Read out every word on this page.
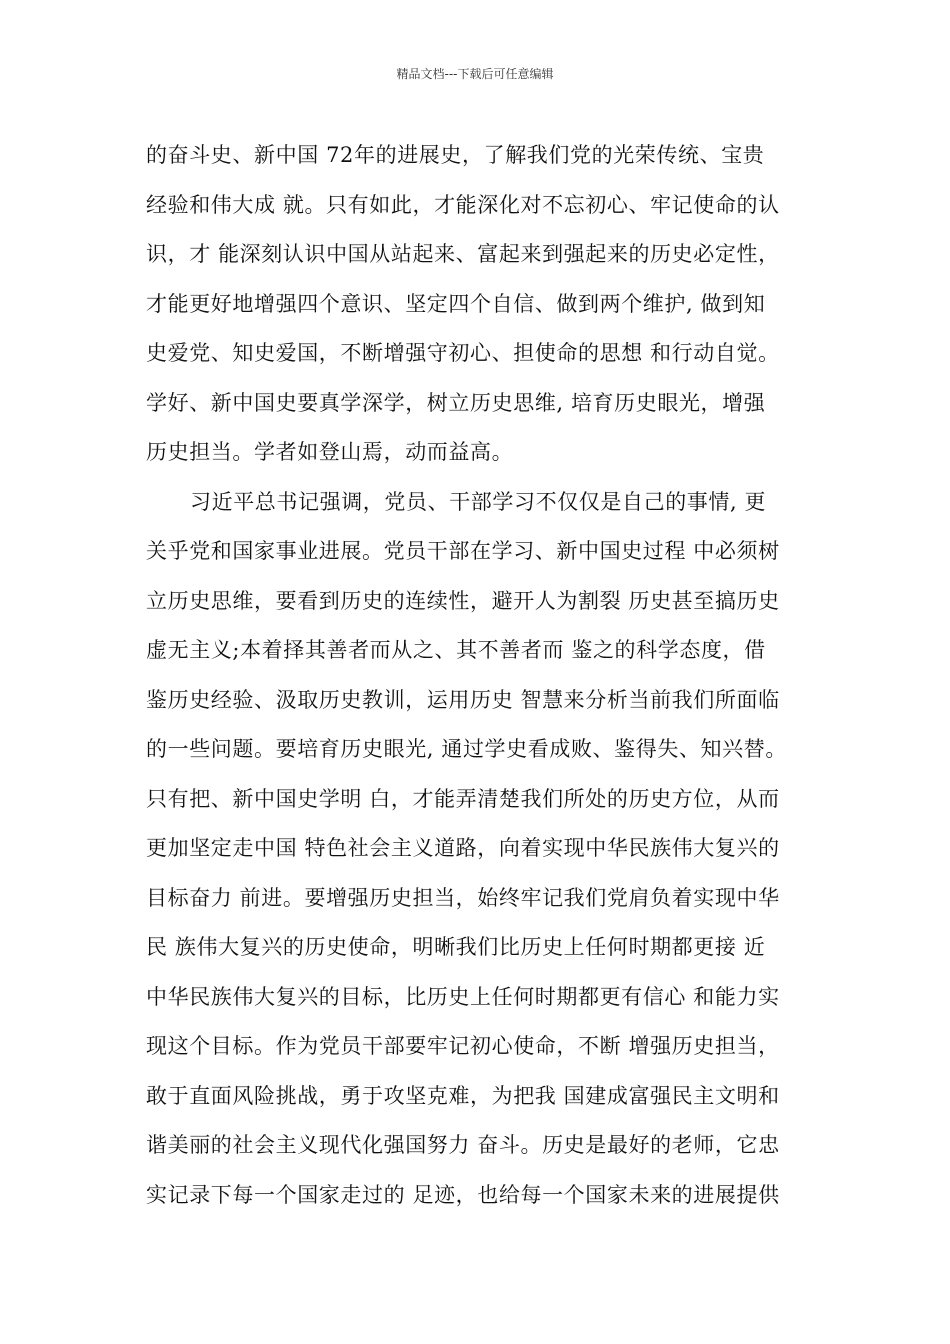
精品文档---下载后可任意编辑
的奋斗史、新中国 72年的进展史，了解我们党的光荣传统、宝贵
经验和伟大成 就。只有如此，才能深化对不忘初心、牢记使命的认
识，才 能深刻认识中国从站起来、富起来到强起来的历史必定性，
才能更好地增强四个意识、坚定四个自信、做到两个维护, 做到知
史爱党、知史爱国，不断增强守初心、担使命的思想 和行动自觉。
学好、新中国史要真学深学，树立历史思维, 培育历史眼光，增强
历史担当。学者如登山焉，动而益高。
习近平总书记强调，党员、干部学习不仅仅是自己的事情, 更
关乎党和国家事业进展。党员干部在学习、新中国史过程 中必须树
立历史思维，要看到历史的连续性，避开人为割裂 历史甚至搞历史
虚无主义;本着择其善者而从之、其不善者而 鉴之的科学态度，借
鉴历史经验、汲取历史教训，运用历史 智慧来分析当前我们所面临
的一些问题。要培育历史眼光, 通过学史看成败、鉴得失、知兴替。
只有把、新中国史学明 白，才能弄清楚我们所处的历史方位，从而
更加坚定走中国 特色社会主义道路，向着实现中华民族伟大复兴的
目标奋力 前进。要增强历史担当，始终牢记我们党肩负着实现中华
民 族伟大复兴的历史使命，明晰我们比历史上任何时期都更接 近
中华民族伟大复兴的目标，比历史上任何时期都更有信心 和能力实
现这个目标。作为党员干部要牢记初心使命，不断 增强历史担当，
敢于直面风险挑战，勇于攻坚克难，为把我 国建成富强民主文明和
谐美丽的社会主义现代化强国努力 奋斗。历史是最好的老师，它忠
实记录下每一个国家走过的 足迹，也给每一个国家未来的进展提供
